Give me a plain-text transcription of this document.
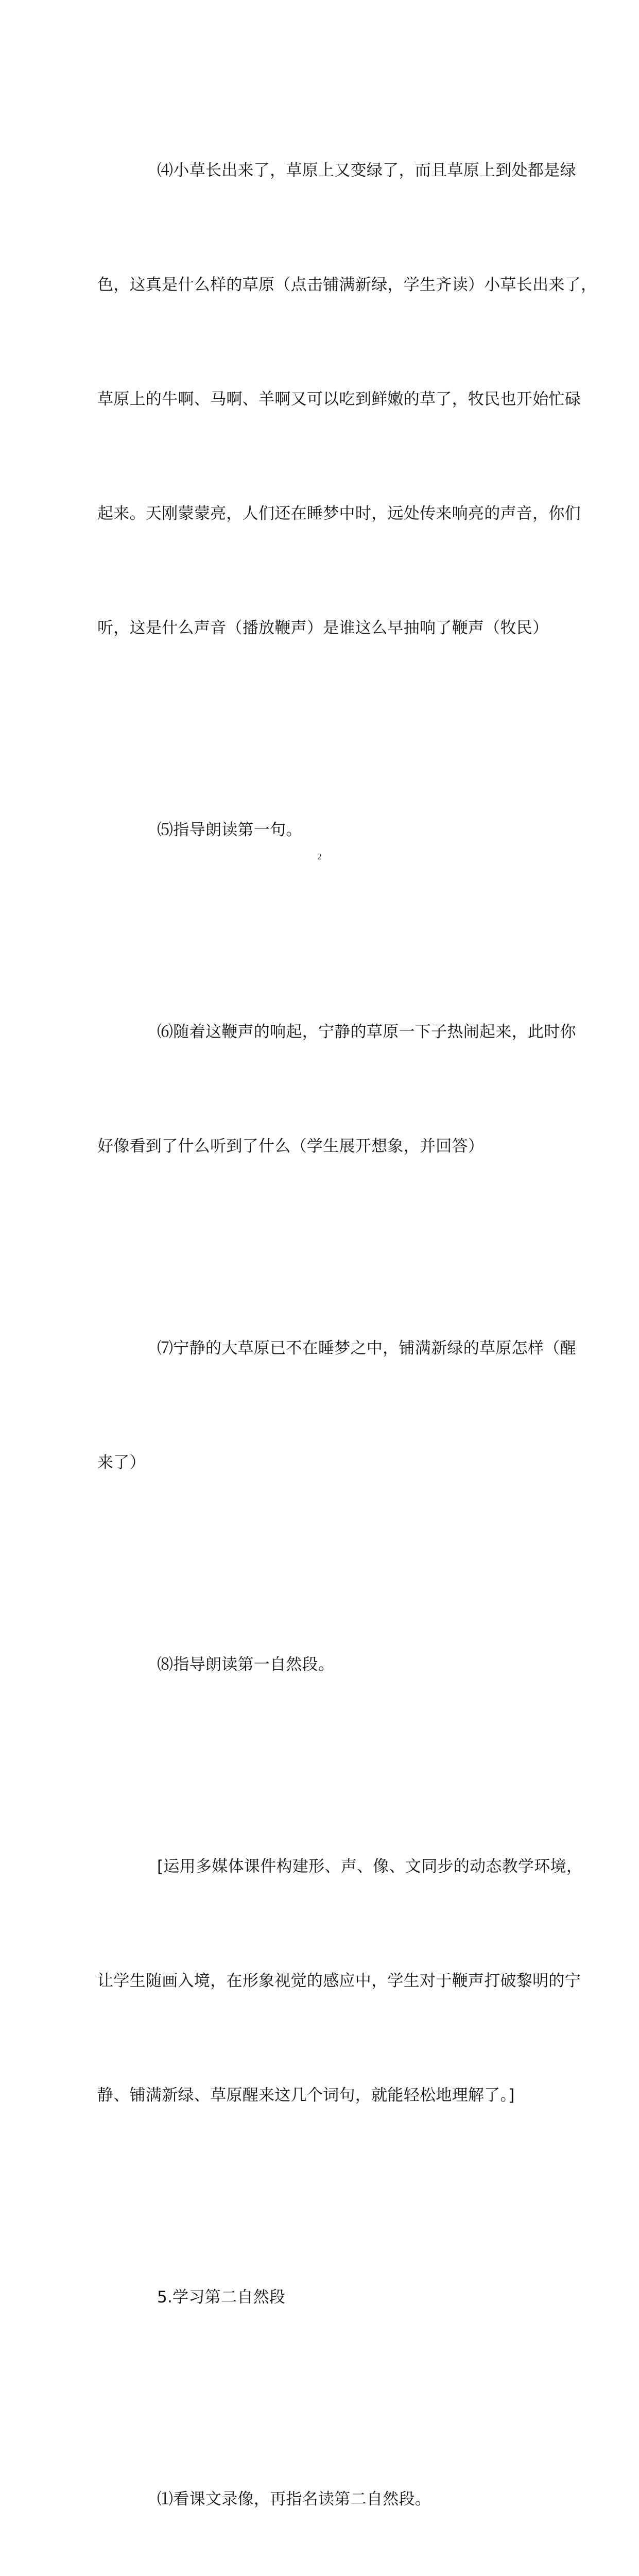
⑷小草长出来了，草原上又变绿了，而且草原上到处都是绿

色，这真是什么样的草原（点击铺满新绿，学生齐读）小草长出来了，

草原上的牛啊、马啊、羊啊又可以吃到鲜嫩的草了，牧民也开始忙碌

起来。天刚蒙蒙亮，人们还在睡梦中时，远处传来响亮的声音，你们

听，这是什么声音（播放鞭声）是谁这么早抽响了鞭声（牧民）

⑸指导朗读第一句。

⑹随着这鞭声的响起，宁静的草原一下子热闹起来，此时你

好像看到了什么听到了什么（学生展开想象，并回答）

⑺宁静的大草原已不在睡梦之中，铺满新绿的草原怎样（醒

来了）

⑻指导朗读第一自然段。

[运用多媒体课件构建形、声、像、文同步的动态教学环境，

让学生随画入境，在形象视觉的感应中，学生对于鞭声打破黎明的宁

静、铺满新绿、草原醒来这几个词句，就能轻松地理解了。]

5.学习第二自然段

⑴看课文录像，再指名读第二自然段。

2
